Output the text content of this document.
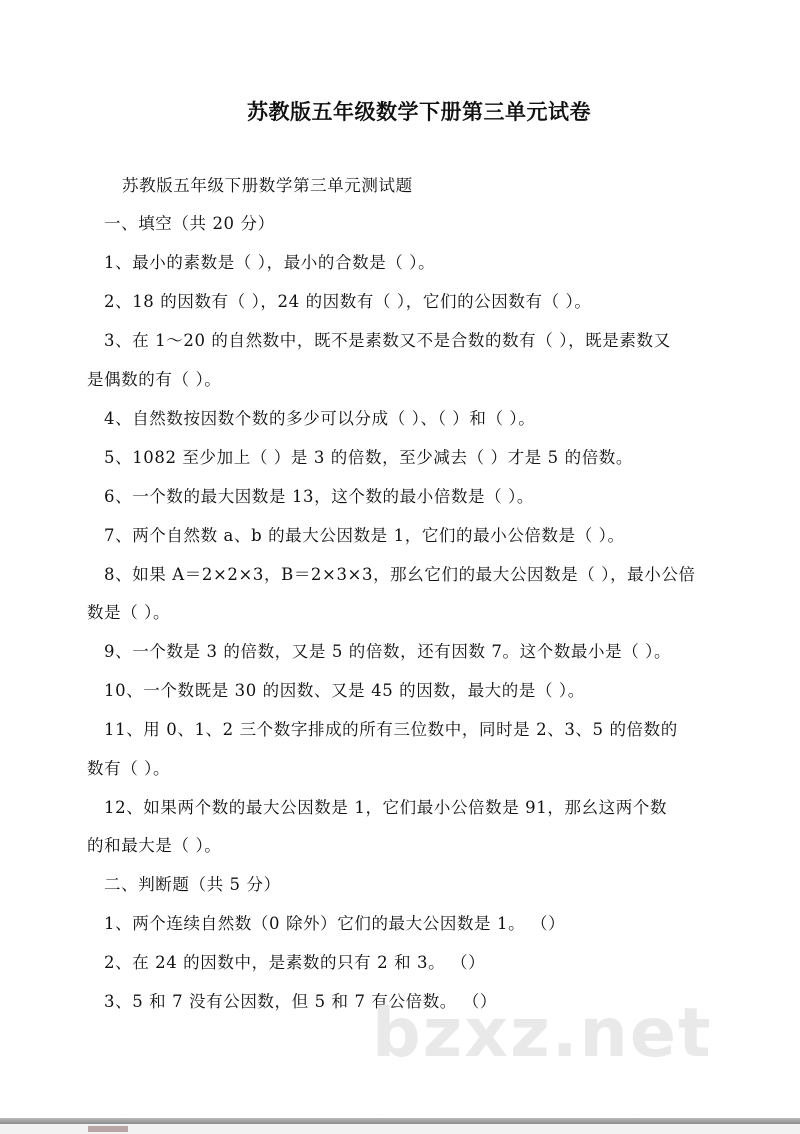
苏教版五年级数学下册第三单元试卷
苏教版五年级下册数学第三单元测试题
一、填空（共 20 分）
1、最小的素数是（ ），最小的合数是（ ）。
2、18 的因数有（ ），24 的因数有（ ），它们的公因数有（ ）。
3、在 1～20 的自然数中，既不是素数又不是合数的数有（ ），既是素数又
是偶数的有（ ）。
4、自然数按因数个数的多少可以分成（ ）、（ ）和（ ）。
5、1082 至少加上（ ）是 3 的倍数，至少减去（ ）才是 5 的倍数。
6、一个数的最大因数是 13，这个数的最小倍数是（ ）。
7、两个自然数 a、b 的最大公因数是 1，它们的最小公倍数是（ ）。
8、如果 A＝2×2×3，B＝2×3×3，那幺它们的最大公因数是（ ），最小公倍
数是（ ）。
9、一个数是 3 的倍数，又是 5 的倍数，还有因数 7。这个数最小是（ ）。
10、一个数既是 30 的因数、又是 45 的因数，最大的是（ ）。
11、用 0、1、2 三个数字排成的所有三位数中，同时是 2、3、5 的倍数的
数有（ ）。
12、如果两个数的最大公因数是 1，它们最小公倍数是 91，那幺这两个数
的和最大是（ ）。
二、判断题（共 5 分）
1、两个连续自然数（0 除外）它们的最大公因数是 1。 （）
2、在 24 的因数中，是素数的只有 2 和 3。 （）
3、5 和 7 没有公因数，但 5 和 7 有公倍数。 （）
bzxz.net
